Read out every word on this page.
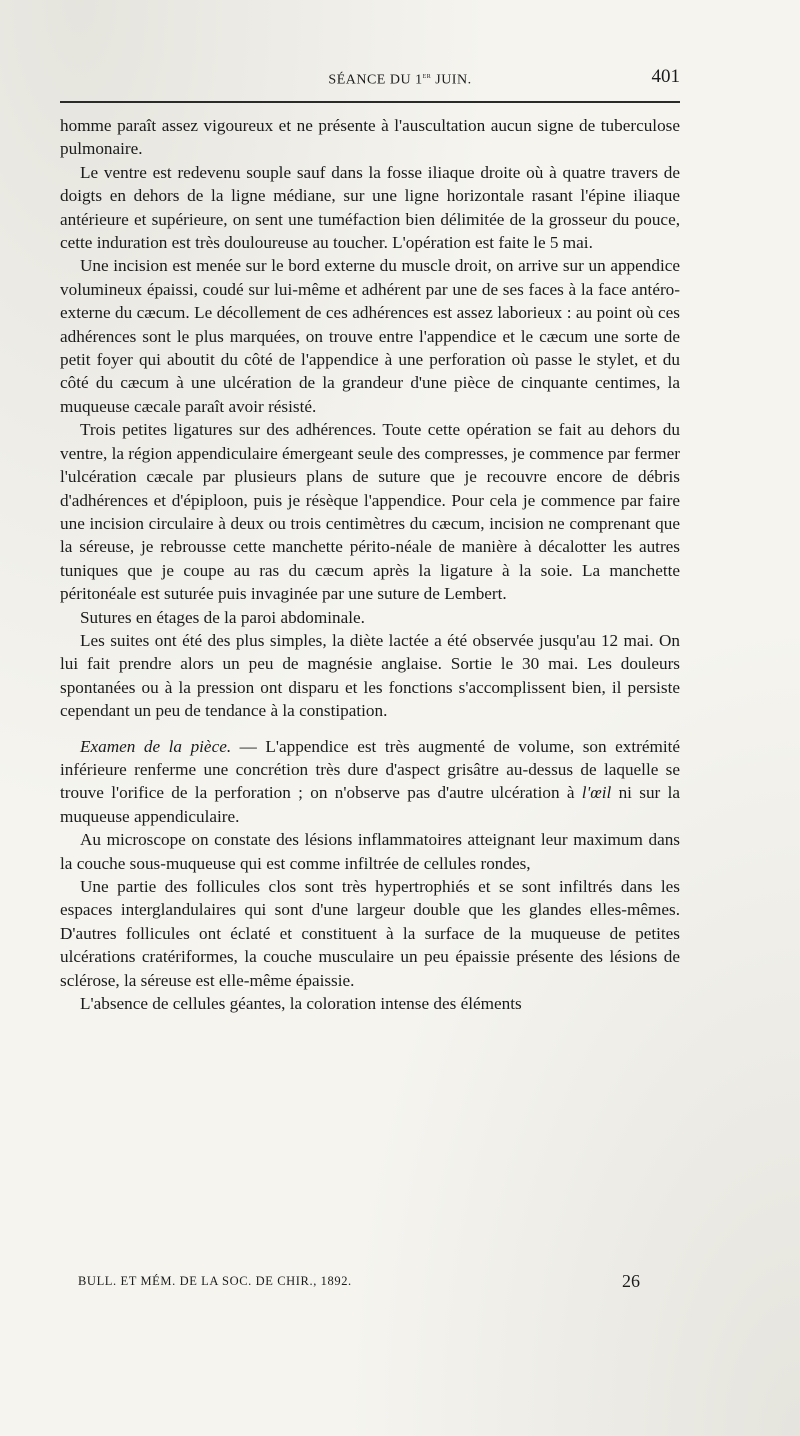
SÉANCE DU 1er JUIN.	401

homme paraît assez vigoureux et ne présente à l'auscultation aucun signe de tuberculose pulmonaire.

Le ventre est redevenu souple sauf dans la fosse iliaque droite où à quatre travers de doigts en dehors de la ligne médiane, sur une ligne horizontale rasant l'épine iliaque antérieure et supérieure, on sent une tuméfaction bien délimitée de la grosseur du pouce, cette induration est très douloureuse au toucher. L'opération est faite le 5 mai.

Une incision est menée sur le bord externe du muscle droit, on arrive sur un appendice volumineux épaissi, coudé sur lui-même et adhérent par une de ses faces à la face antéro-externe du cæcum. Le décollement de ces adhérences est assez laborieux : au point où ces adhérences sont le plus marquées, on trouve entre l'appendice et le cæcum une sorte de petit foyer qui aboutit du côté de l'appendice à une perforation où passe le stylet, et du côté du cæcum à une ulcération de la grandeur d'une pièce de cinquante centimes, la muqueuse cæcale paraît avoir résisté.

Trois petites ligatures sur des adhérences. Toute cette opération se fait au dehors du ventre, la région appendiculaire émergeant seule des compresses, je commence par fermer l'ulcération cæcale par plusieurs plans de suture que je recouvre encore de débris d'adhérences et d'épiploon, puis je résèque l'appendice. Pour cela je commence par faire une incision circulaire à deux ou trois centimètres du cæcum, incision ne comprenant que la séreuse, je rebrousse cette manchette périto-néale de manière à décalotter les autres tuniques que je coupe au ras du cæcum après la ligature à la soie. La manchette péritonéale est suturée puis invaginée par une suture de Lembert.

Sutures en étages de la paroi abdominale.

Les suites ont été des plus simples, la diète lactée a été observée jusqu'au 12 mai. On lui fait prendre alors un peu de magnésie anglaise. Sortie le 30 mai. Les douleurs spontanées ou à la pression ont disparu et les fonctions s'accomplissent bien, il persiste cependant un peu de tendance à la constipation.

Examen de la pièce. — L'appendice est très augmenté de volume, son extrémité inférieure renferme une concrétion très dure d'aspect grisâtre au-dessus de laquelle se trouve l'orifice de la perforation ; on n'observe pas d'autre ulcération à l'œil ni sur la muqueuse appendiculaire.

Au microscope on constate des lésions inflammatoires atteignant leur maximum dans la couche sous-muqueuse qui est comme infiltrée de cellules rondes,

Une partie des follicules clos sont très hypertrophiés et se sont infiltrés dans les espaces interglandulaires qui sont d'une largeur double que les glandes elles-mêmes. D'autres follicules ont éclaté et constituent à la surface de la muqueuse de petites ulcérations cratériformes, la couche musculaire un peu épaissie présente des lésions de sclérose, la séreuse est elle-même épaissie.

L'absence de cellules géantes, la coloration intense des éléments

BULL. ET MÉM. DE LA SOC. DE CHIR., 1892.	26
